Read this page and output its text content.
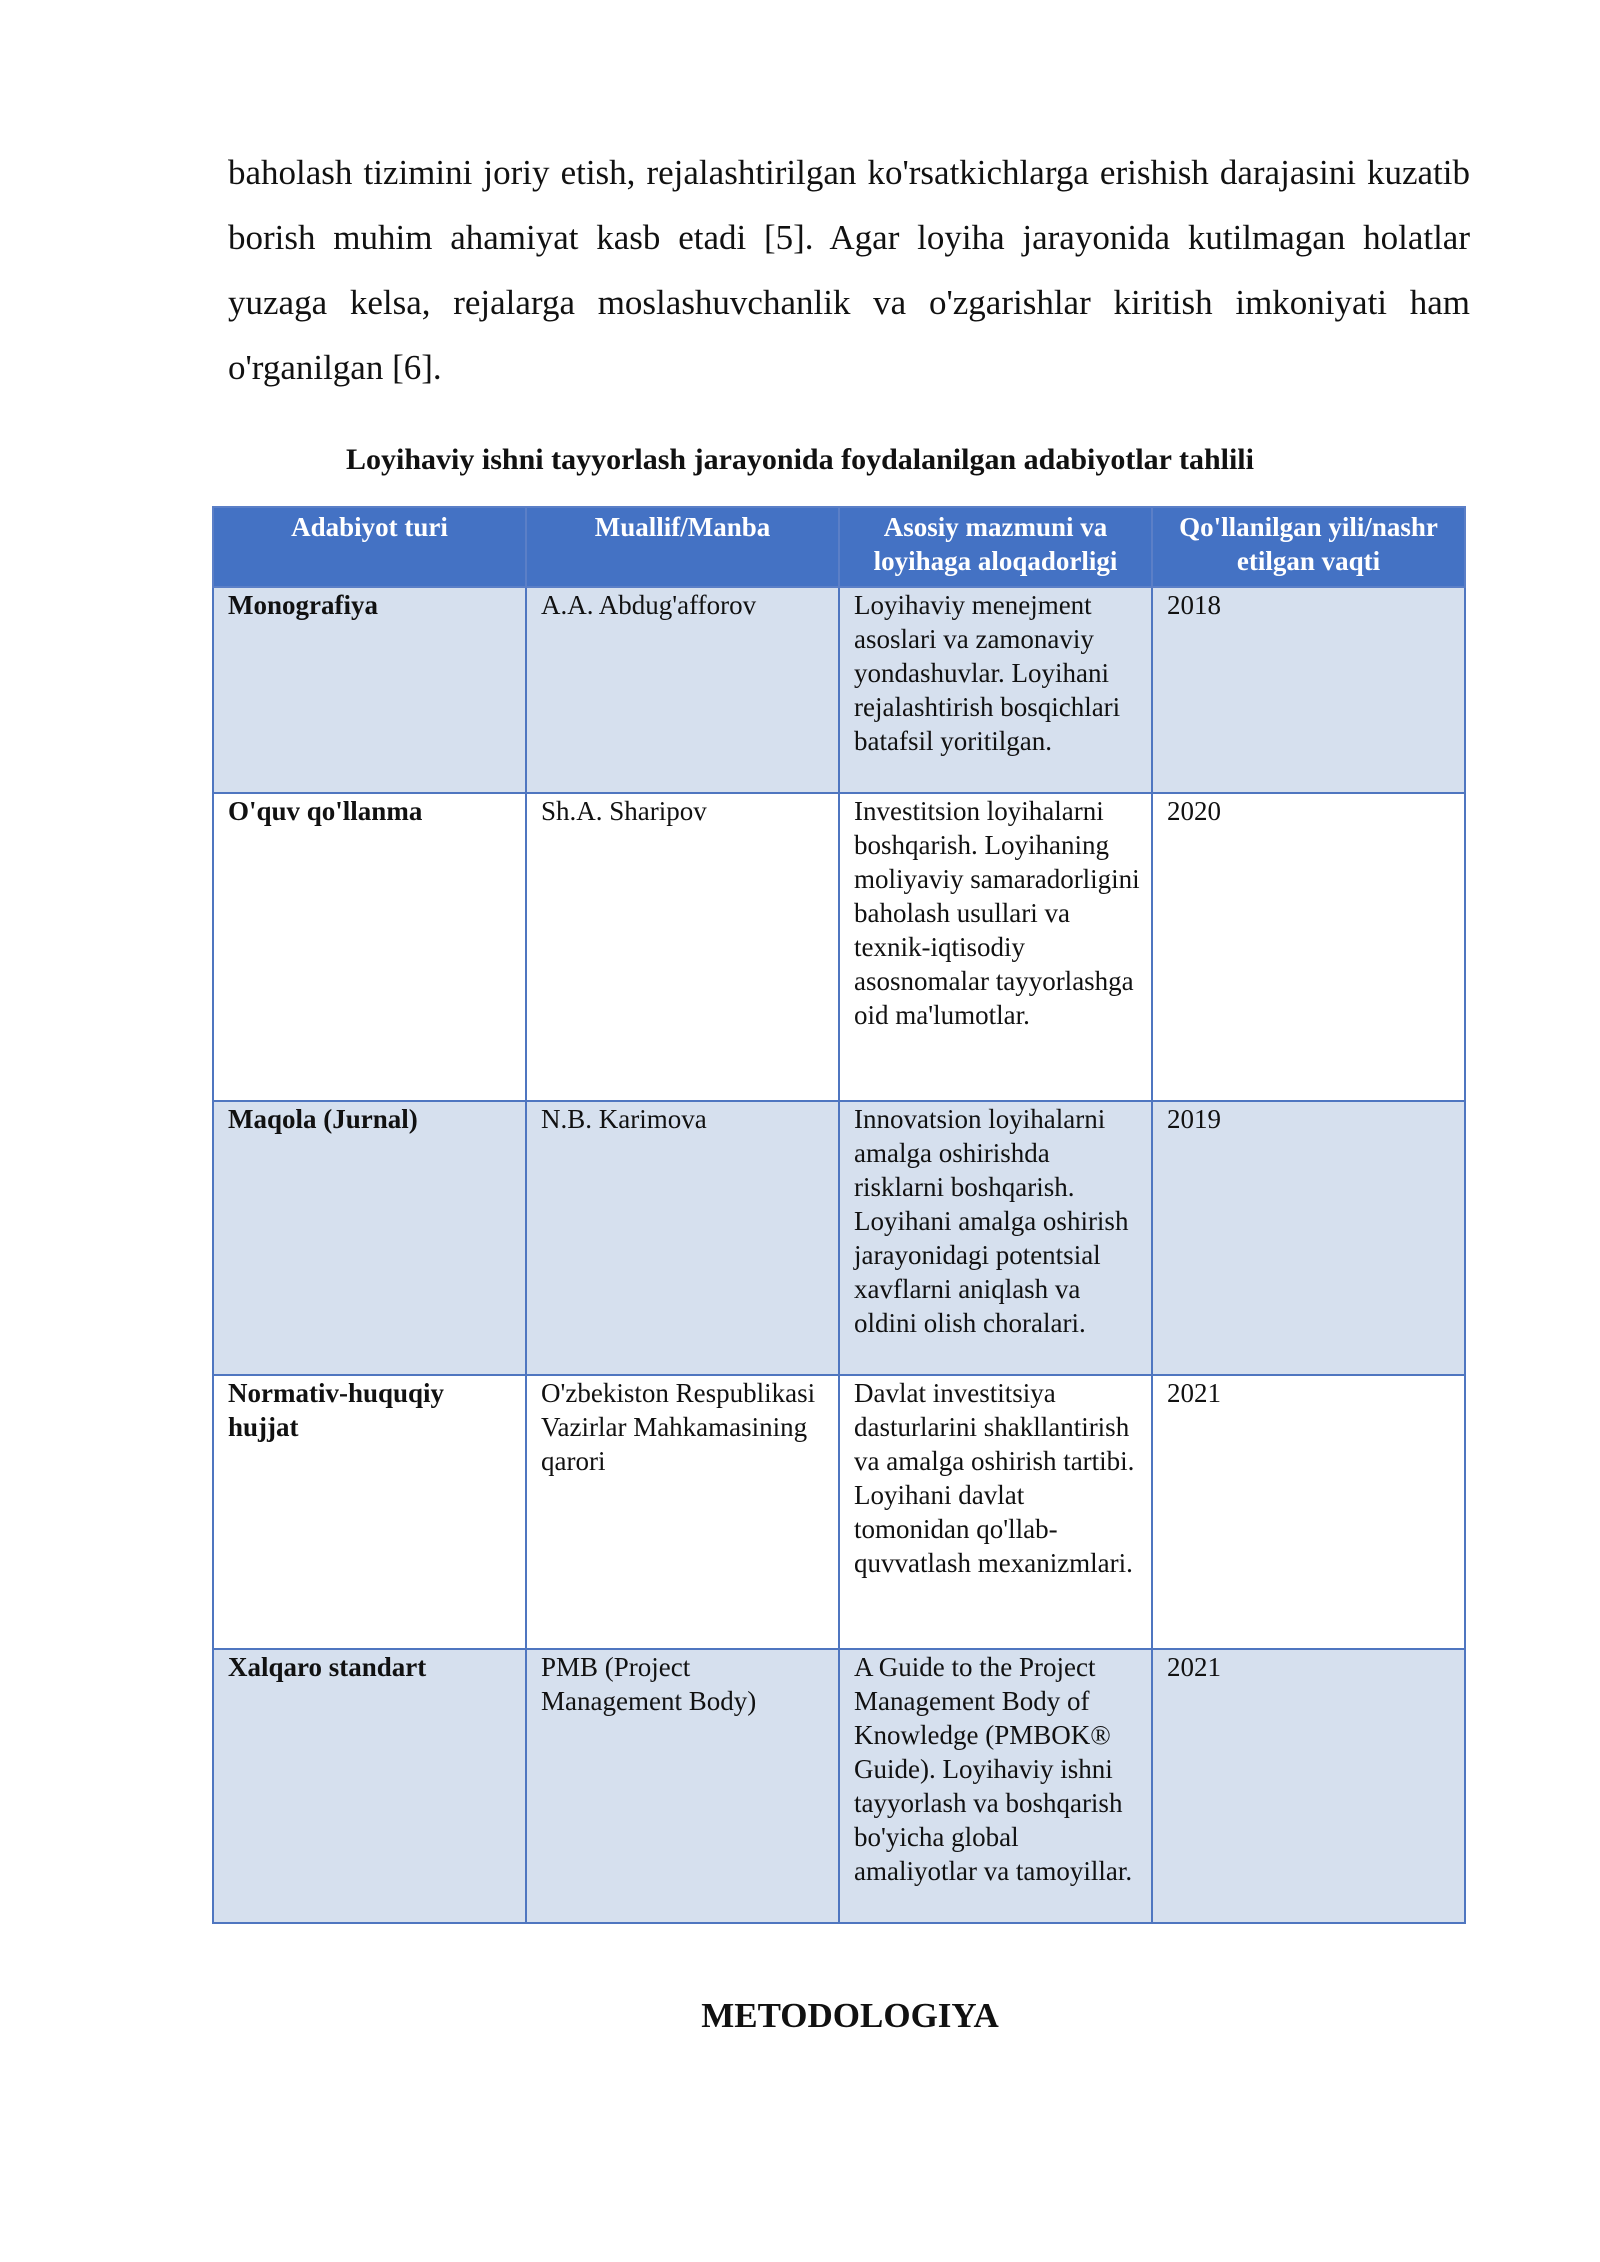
baholash tizimini joriy etish, rejalashtirilgan ko'rsatkichlarga erishish darajasini kuzatib borish muhim ahamiyat kasb etadi [5]. Agar loyiha jarayonida kutilmagan holatlar yuzaga kelsa, rejalarga moslashuvchanlik va o'zgarishlar kiritish imkoniyati ham o'rganilgan [6].

Loyihaviy ishni tayyorlash jarayonida foydalanilgan adabiyotlar tahlili

Adabiyot turi	Muallif/Manba	Asosiy mazmuni va loyihaga aloqadorligi	Qo'llanilgan yili/nashr etilgan vaqti
Monografiya	A.A. Abdug'afforov	Loyihaviy menejment asoslari va zamonaviy yondashuvlar. Loyihani rejalashtirish bosqichlari batafsil yoritilgan.	2018
O'quv qo'llanma	Sh.A. Sharipov	Investitsion loyihalarni boshqarish. Loyihaning moliyaviy samaradorligini baholash usullari va texnik-iqtisodiy asosnomalar tayyorlashga oid ma'lumotlar.	2020
Maqola (Jurnal)	N.B. Karimova	Innovatsion loyihalarni amalga oshirishda risklarni boshqarish. Loyihani amalga oshirish jarayonidagi potentsial xavflarni aniqlash va oldini olish choralari.	2019
Normativ-huquqiy hujjat	O'zbekiston Respublikasi Vazirlar Mahkamasining qarori	Davlat investitsiya dasturlarini shakllantirish va amalga oshirish tartibi. Loyihani davlat tomonidan qo'llab-quvvatlash mexanizmlari.	2021
Xalqaro standart	PMB (Project Management Body)	A Guide to the Project Management Body of Knowledge (PMBOK® Guide). Loyihaviy ishni tayyorlash va boshqarish bo'yicha global amaliyotlar va tamoyillar.	2021

METODOLOGIYA
